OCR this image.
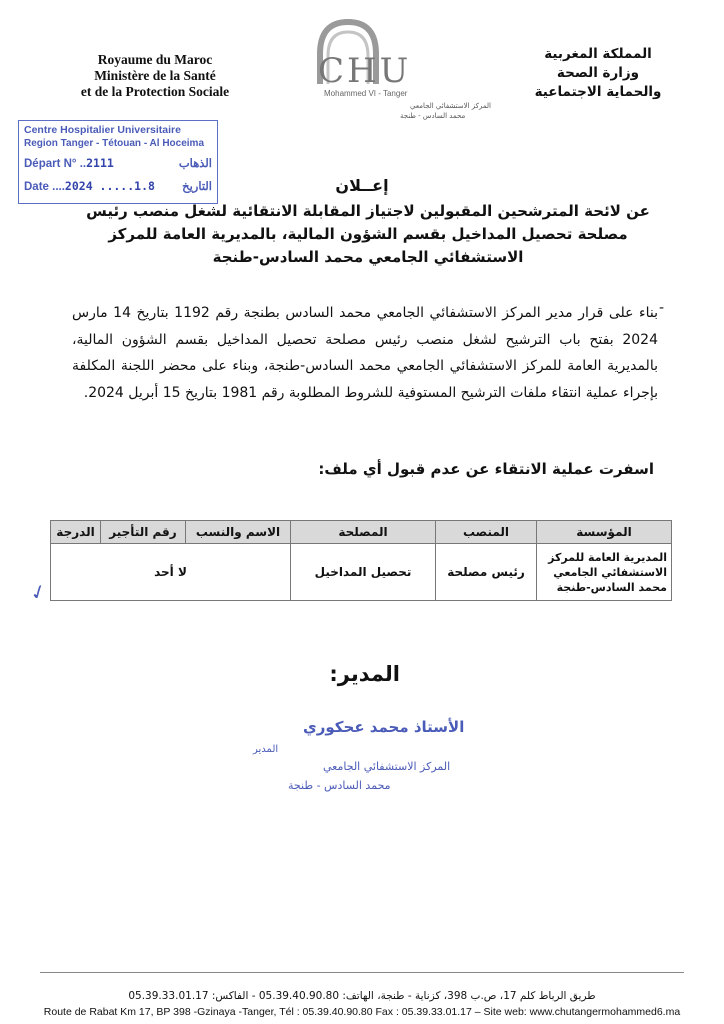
Royaume du Maroc
Ministère de la Santé
et de la Protection Sociale
CHU
Mohammed VI - Tanger
المركز الاستشفائي الجامعي
محمد السادس - طنجة
المملكة المغربية
وزارة الصحة
والحماية الاجتماعية
Centre Hospitalier Universitaire
Region Tanger - Tétouan - Al Hoceima
Départ N° ..2111	الذهاب
Date ....2024 .....1.8 التاريخ	إعــلان
عن لائحة المترشحين المقبولين لاجتياز المقابلة الانتقائية لشغل منصب رئيس مصلحة تحصيل المداخيل بقسم الشؤون المالية، بالمديرية العامة للمركز الاستشفائي الجامعي محمد السادس-طنجة
-
بناء على قرار مدير المركز الاستشفائي الجامعي محمد السادس بطنجة رقم 1192 بتاريخ 14 مارس 2024 بفتح باب الترشيح لشغل منصب رئيس مصلحة تحصيل المداخيل بقسم الشؤون المالية، بالمديرية العامة للمركز الاستشفائي الجامعي محمد السادس-طنجة، وبناء على محضر اللجنة المكلفة بإجراء عملية انتقاء ملفات الترشيح المستوفية للشروط المطلوبة رقم 1981 بتاريخ 15 أبريل 2024.
اسفرت عملية الانتقاء عن عدم قبول أي ملف:
المؤسسة	المنصب	المصلحة	الاسم والنسب	رقم التأجير	الدرجة
المديرية العامة للمركز الاستشفائي الجامعي محمد السادس-طنجة	رئيس مصلحة	تحصيل المداخيل	لا أحد		
✓
المدير:
الأستاذ محمد عحكوري
المدير
المركز الاستشفائي الجامعي
محمد السادس - طنجة
طريق الرباط كلم 17، ص.ب 398، كزناية - طنجة، الهاتف: 05.39.40.90.80 - الفاكس: 05.39.33.01.17
Route de Rabat Km 17, BP 398 -Gzinaya -Tanger, Tél : 05.39.40.90.80 Fax : 05.39.33.01.17 – Site web: www.chutangermohammed6.ma
